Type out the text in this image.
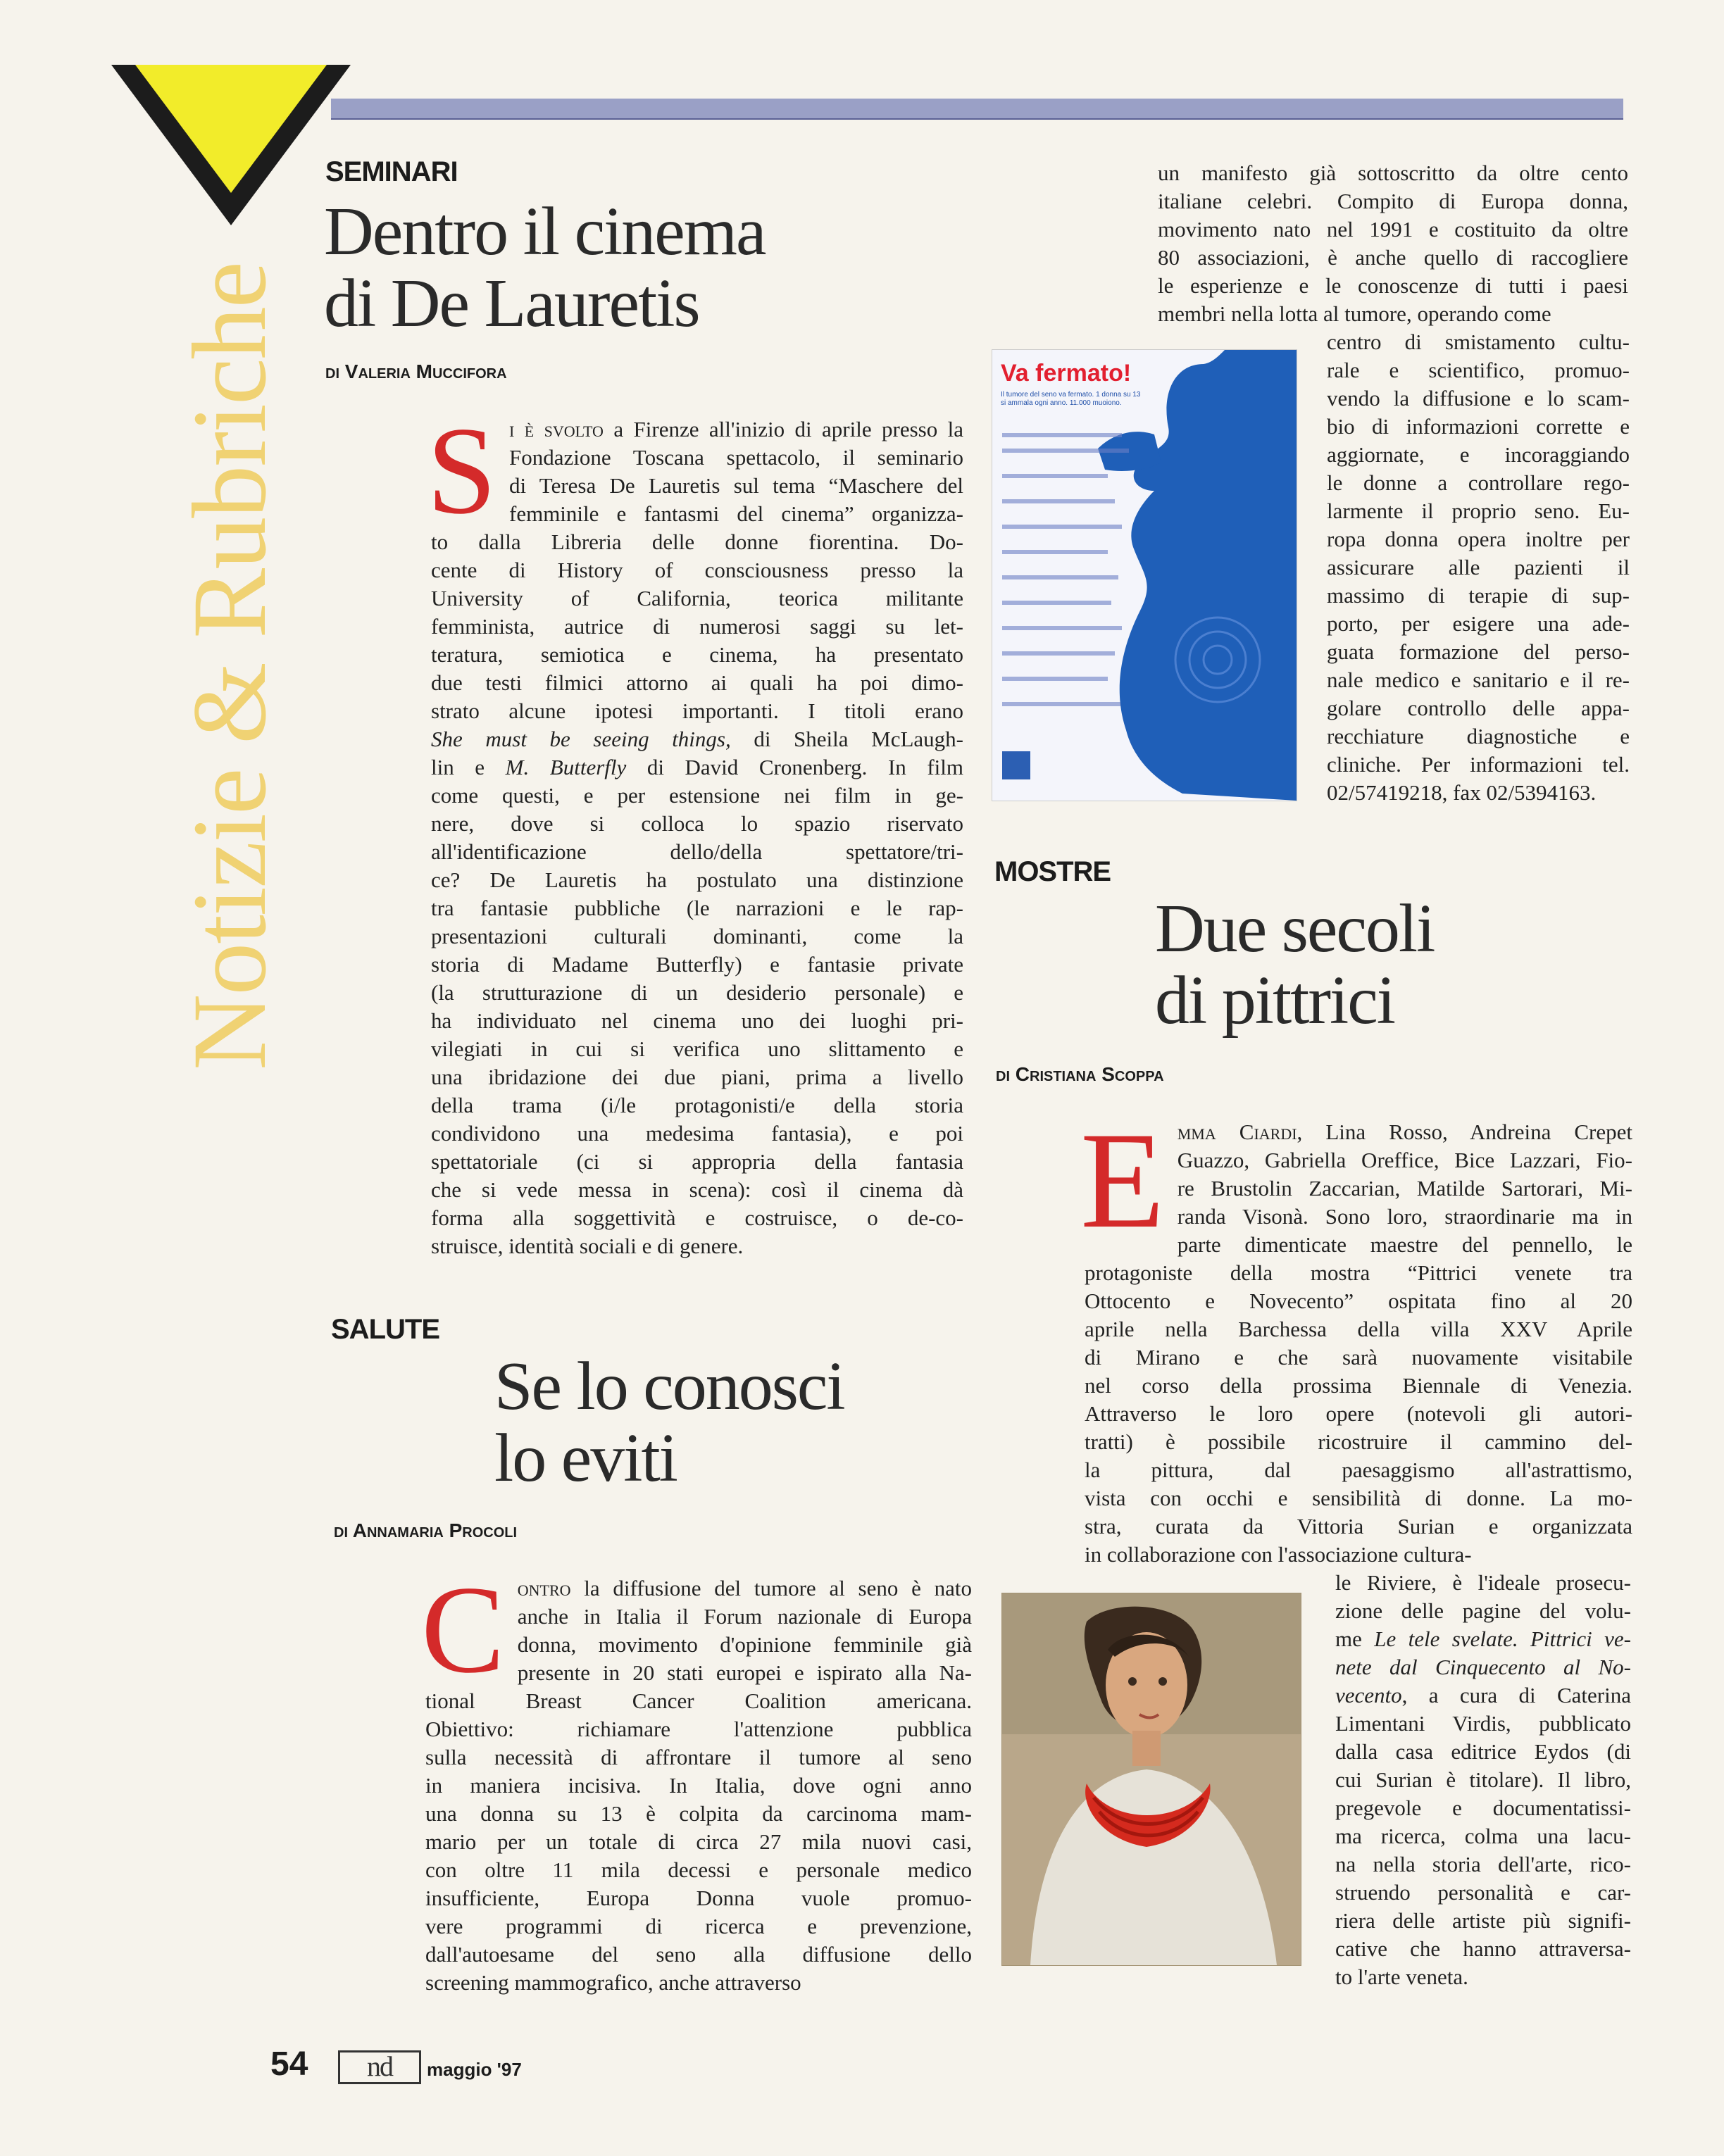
Notizie & Rubriche
SEMINARI
Dentro il cinema
di De Lauretis
di Valeria Muccifora
S i è svolto a Firenze all'inizio di aprile presso la
Fondazione Toscana spettacolo, il seminario
di Teresa De Lauretis sul tema “Maschere del
femminile e fantasmi del cinema” organizza-
to dalla Libreria delle donne fiorentina. Do-
cente di History of consciousness presso la
University of California, teorica militante
femminista, autrice di numerosi saggi su let-
teratura, semiotica e cinema, ha presentato
due testi filmici attorno ai quali ha poi dimo-
strato alcune ipotesi importanti. I titoli erano
She must be seeing things, di Sheila McLaugh-
lin e M. Butterfly di David Cronenberg. In film
come questi, e per estensione nei film in ge-
nere, dove si colloca lo spazio riservato
all'identificazione dello/della spettatore/tri-
ce? De Lauretis ha postulato una distinzione
tra fantasie pubbliche (le narrazioni e le rap-
presentazioni culturali dominanti, come la
storia di Madame Butterfly) e fantasie private
(la strutturazione di un desiderio personale) e
ha individuato nel cinema uno dei luoghi pri-
vilegiati in cui si verifica uno slittamento e
una ibridazione dei due piani, prima a livello
della trama (i/le protagonisti/e della storia
condividono una medesima fantasia), e poi
spettatoriale (ci si appropria della fantasia
che si vede messa in scena): così il cinema dà
forma alla soggettività e costruisce, o de-co-
struisce, identità sociali e di genere.
SALUTE
Se lo conosci
lo eviti
di Annamaria Procoli
C ontro la diffusione del tumore al seno è nato
anche in Italia il Forum nazionale di Europa
donna, movimento d'opinione femminile già
presente in 20 stati europei e ispirato alla Na-
tional Breast Cancer Coalition americana.
Obiettivo: richiamare l'attenzione pubblica
sulla necessità di affrontare il tumore al seno
in maniera incisiva. In Italia, dove ogni anno
una donna su 13 è colpita da carcinoma mam-
mario per un totale di circa 27 mila nuovi casi,
con oltre 11 mila decessi e personale medico
insufficiente, Europa Donna vuole promuo-
vere programmi di ricerca e prevenzione,
dall'autoesame del seno alla diffusione dello
screening mammografico, anche attraverso
un manifesto già sottoscritto da oltre cento
italiane celebri. Compito di Europa donna,
movimento nato nel 1991 e costituito da oltre
80 associazioni, è anche quello di raccogliere
le esperienze e le conoscenze di tutti i paesi
membri nella lotta al tumore, operando come
centro di smistamento cultu-
rale e scientifico, promuo-
vendo la diffusione e lo scam-
bio di informazioni corrette e
aggiornate, e incoraggiando
le donne a controllare rego-
larmente il proprio seno. Eu-
ropa donna opera inoltre per
assicurare alle pazienti il
massimo di terapie di sup-
porto, per esigere una ade-
guata formazione del perso-
nale medico e sanitario e il re-
golare controllo delle appa-
recchiature diagnostiche e
cliniche. Per informazioni tel.
02/57419218, fax 02/5394163.
Va fermato!
Il tumore del seno va fermato. 1 donna su 13 si ammala ogni anno. 11.000 muoiono.
MOSTRE
Due secoli
di pittrici
di Cristiana Scoppa
E mma Ciardi, Lina Rosso, Andreina Crepet
Guazzo, Gabriella Oreffice, Bice Lazzari, Fio-
re Brustolin Zaccarian, Matilde Sartorari, Mi-
randa Visonà. Sono loro, straordinarie ma in
parte dimenticate maestre del pennello, le
protagoniste della mostra “Pittrici venete tra
Ottocento e Novecento” ospitata fino al 20
aprile nella Barchessa della villa XXV Aprile
di Mirano e che sarà nuovamente visitabile
nel corso della prossima Biennale di Venezia.
Attraverso le loro opere (notevoli gli autori-
tratti) è possibile ricostruire il cammino del-
la pittura, dal paesaggismo all'astrattismo,
vista con occhi e sensibilità di donne. La mo-
stra, curata da Vittoria Surian e organizzata
in collaborazione con l'associazione cultura-
le Riviere, è l'ideale prosecu-
zione delle pagine del volu-
me Le tele svelate. Pittrici ve-
nete dal Cinquecento al No-
vecento, a cura di Caterina
Limentani Virdis, pubblicato
dalla casa editrice Eydos (di
cui Surian è titolare). Il libro,
pregevole e documentatissi-
ma ricerca, colma una lacu-
na nella storia dell'arte, rico-
struendo personalità e car-
riera delle artiste più signifi-
cative che hanno attraversa-
to l'arte veneta.
54	nd	maggio '97
